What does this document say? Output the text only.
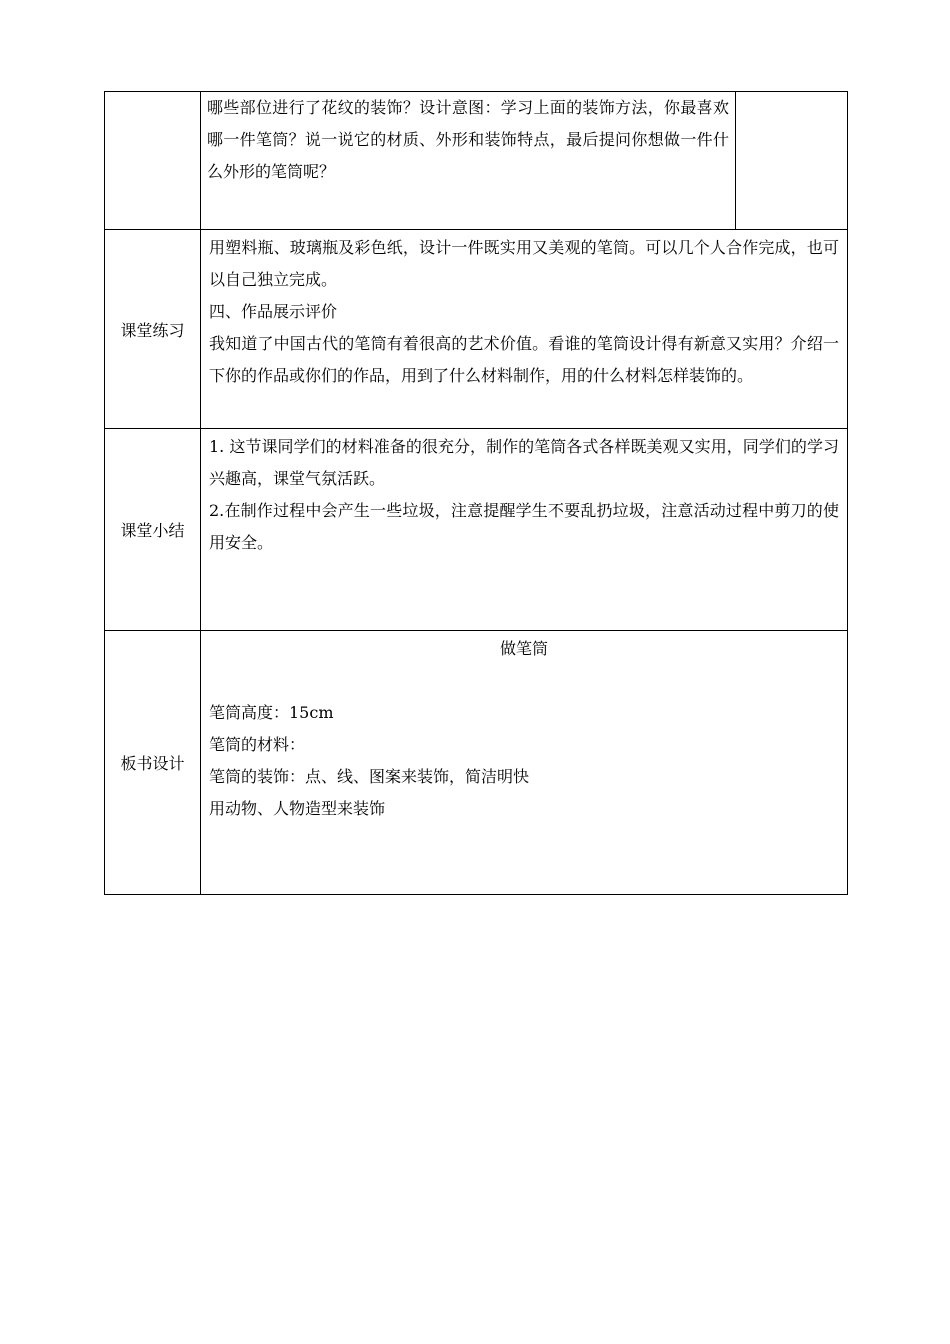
	哪些部位进行了花纹的装饰？设计意图：学习上面的装饰方法，你最喜欢哪一件笔筒？说一说它的材质、外形和装饰特点，最后提问你想做一件什么外形的笔筒呢？	

课堂练习	用塑料瓶、玻璃瓶及彩色纸，设计一件既实用又美观的笔筒。可以几个人合作完成，也可以自己独立完成。
四、作品展示评价
我知道了中国古代的笔筒有着很高的艺术价值。看谁的笔筒设计得有新意又实用？介绍一下你的作品或你们的作品，用到了什么材料制作，用的什么材料怎样装饰的。	

课堂小结	1. 这节课同学们的材料准备的很充分，制作的笔筒各式各样既美观又实用，同学们的学习兴趣高，课堂气氛活跃。
2.在制作过程中会产生一些垃圾，注意提醒学生不要乱扔垃圾，注意活动过程中剪刀的使用安全。	

板书设计	做笔筒
笔筒高度：15cm
笔筒的材料：
笔筒的装饰：点、线、图案来装饰，简洁明快
用动物、人物造型来装饰	
